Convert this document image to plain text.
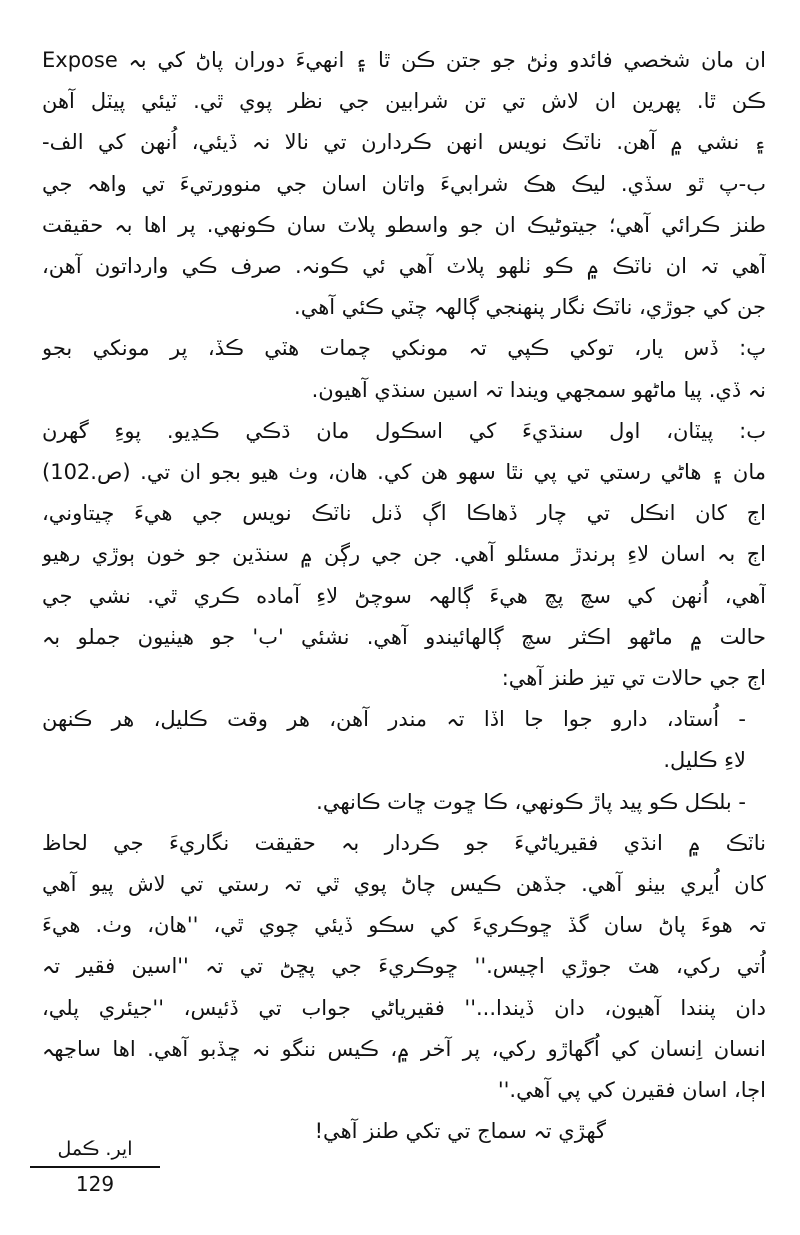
ان مان شخصي فائدو وٺڻ جو جتن ڪن ٿا ۽ انهيءَ دوران پاڻ کي بہ Expose
ڪن ٿا. پهرين ان لاش تي تن شرابين جي نظر پوي ٿي. ٽيئي پيٽل آهن
۽ نشي ۾ آهن. ناٽڪ نويس انهن ڪردارن تي نالا نہ ڏيئي، اُنهن کي الف-
ب-پ ٿو سڏي. ليڪ هڪ شرابيءَ واتان اسان جي منوورتيءَ تي واهہ جي
طنز ڪرائي آهي؛ جيتوڻيڪ ان جو واسطو پلاٽ سان ڪونهي. پر اها بہ حقيقت
آهي تہ ان ناٽڪ ۾ ڪو ٺلهو پلاٽ آهي ئي ڪونہ. صرف ڪي وارداتون آهن،
جن کي جوڙي، ناٽڪ نگار پنهنجي ڳالهہ چٽي ڪئي آهي.

پ: ڏس يار، توکي ڪپي تہ مونکي چمات هٽي ڪڏ، پر مونکي بجو
نہ ڏي. پيا ماڻهو سمجهي ويندا تہ اسين سنڌي آهيون.

ب: پيٽان، اول سنڌيءَ کي اسڪول مان ڌڪي ڪڍيو. پوءِ گهرن
مان ۽ هاڻي رستي تي پي نٿا سهو هن کي. هان، وٺ هيو بجو ان تي. (ص.102)
اڄ کان انڪل تي چار ڏهاڪا اڳ ڏنل ناٽڪ نويس جي هيءَ چيتاوني،
اڄ بہ اسان لاءِ ٻرندڙ مسئلو آهي. جن جي رڳن ۾ سنڌين جو خون ٻوڙي رهيو
آهي، اُنهن کي سچ پچ هيءَ ڳالهہ سوچڻ لاءِ آماده ڪري ٿي. نشي جي
حالت ۾ ماڻهو اڪثر سچ ڳالهائيندو آهي. نشئي 'ب' جو هيٺيون جملو بہ
اڄ جي حالات تي تيز طنز آهي:

- اُستاد، دارو جوا جا اڏا تہ مندر آهن، هر وقت ڪليل، هر ڪنهن
لاءِ ڪليل.

- بلڪل ڪو پيد پاڙ ڪونهي، ڪا ڇوت ڇات ڪانهي.

ناٽڪ ۾ انڌي فقيرياڻيءَ جو ڪردار بہ حقيقت نگاريءَ جي لحاظ
کان اُيري بيٺو آهي. جڏهن ڪيس چاڻ پوي ٿي تہ رستي تي لاش پيو آهي
تہ هوءَ پاڻ سان گڏ ڇوڪريءَ کي سڪو ڏيئي چوي ٿي، ''هان، وٺ. هيءَ
اُتي رکي، هٽ جوڙي اچيس.'' ڇوڪريءَ جي پڇڻ تي تہ ''اسين فقير تہ
دان پنندا آهيون، دان ڏيندا...'' فقيرياڻي جواب تي ڏئيس، ''جيئري پلي،
انسان اِنسان کي اُگهاڙو رکي، پر آخر ۾، ڪيس ننگو نہ ڇڏبو آهي. اها ساڃهہ
اڄا، اسان فقيرن کي پي آهي.''

گهڙي تہ سماج تي تکي طنز آهي!

اير. ڪمل
129
